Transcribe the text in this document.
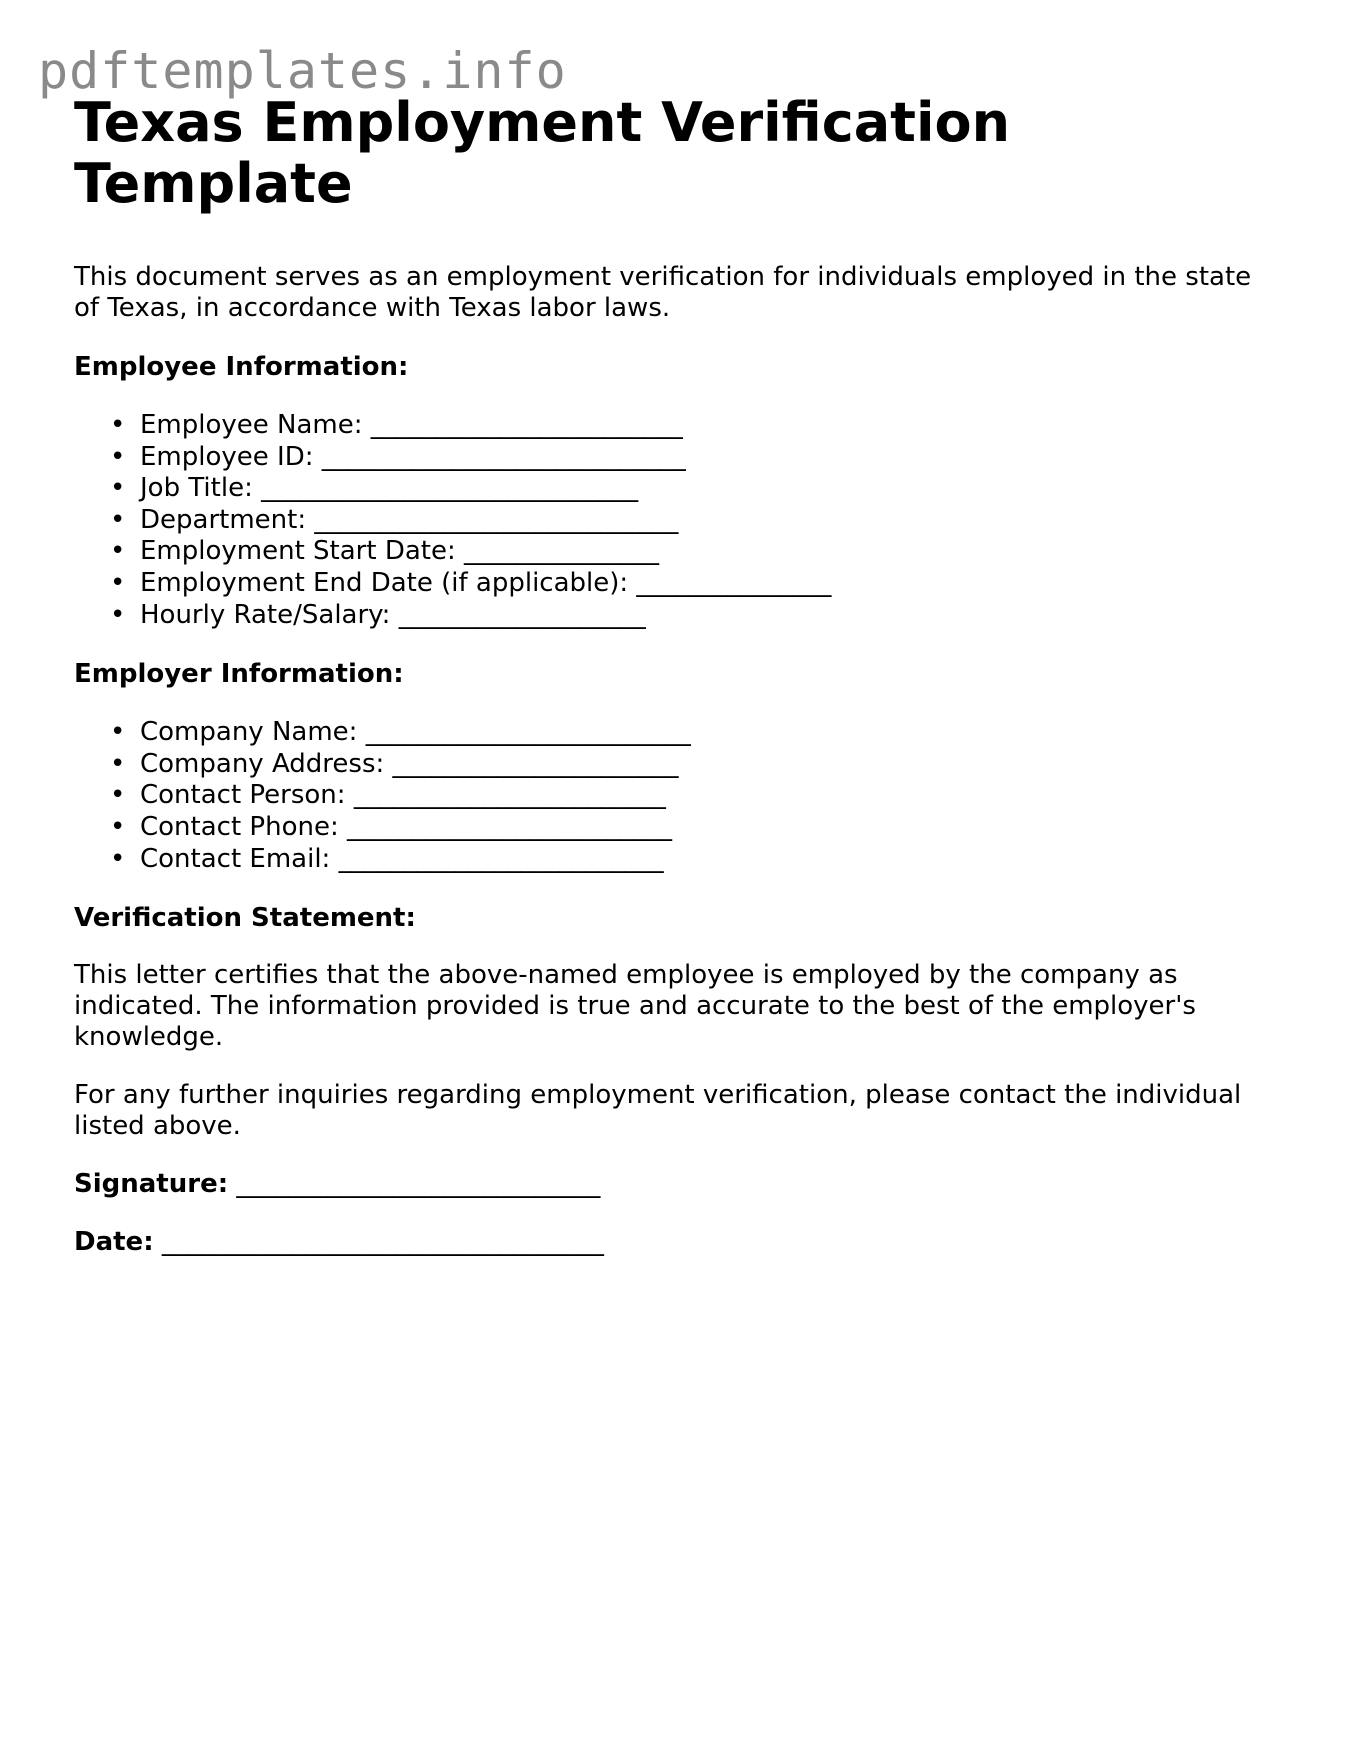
pdftemplates.info
Texas Employment Verification Template

This document serves as an employment verification for individuals employed in the state of Texas, in accordance with Texas labor laws.

Employee Information:
• Employee Name: ________________________
• Employee ID: ____________________________
• Job Title: _____________________________
• Department: ____________________________
• Employment Start Date: _______________
• Employment End Date (if applicable): _______________
• Hourly Rate/Salary: ___________________
Employer Information:
• Company Name: _________________________
• Company Address: ______________________
• Contact Person: ________________________
• Contact Phone: _________________________
• Contact Email: _________________________
Verification Statement:

This letter certifies that the above-named employee is employed by the company as indicated. The information provided is true and accurate to the best of the employer's knowledge.

For any further inquiries regarding employment verification, please contact the individual listed above.

Signature: ____________________________

Date: __________________________________
